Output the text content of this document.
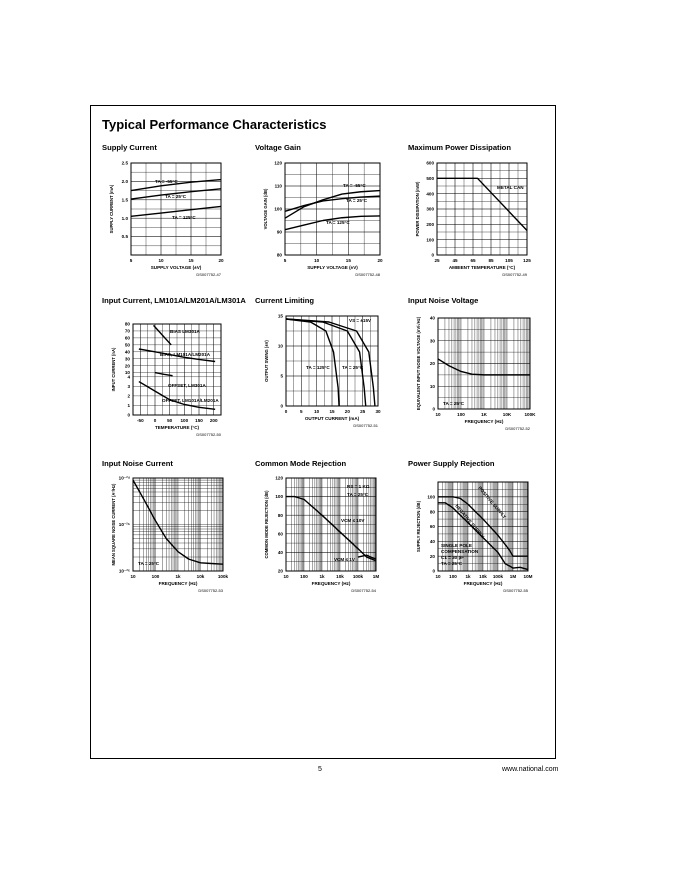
Typical Performance Characteristics
Supply Current	Voltage Gain	Maximum Power Dissipation
Input Current, LM101A/LM201A/LM301A	Current Limiting	Input Noise Voltage
Input Noise Current	Common Mode Rejection	Power Supply Rejection
5	10	15	20
0.5
1.0
1.5
2.0
2.5
SUPPLY VOLTAGE (±V)
SUPPLY CURRENT (mA)
DS007752-47
5	10	15	20
80
90
100
110
120
SUPPLY VOLTAGE (±V)
VOLTAGE GAIN (dB)
DS007752-48
25	45	65	85	105 125
0
100
200
300
400
500
600
AMBIENT TEMPERATURE (°C)
POWER DISSIPATION (mW)
DS007752-49
-50 0 50 100 150 200
0
1
2
3
4
10
20
30
40
50
60
70
80
TEMPERATURE (°C)
INPUT CURRENT (nA)
DS007752-50
0	5 10 15 20 25 30
0
5
10
15
OUTPUT CURRENT (mA)
OUTPUT SWING (±V)
DS007752-51
10	100	1K	10K	100K
0
10
20
30
40
FREQUENCY (Hz)
EQUIVALENT INPUT NOISE VOLTAGE (nV/√Hz)
DS007752-52
10	100	1k	10k	100k
10⁻²⁶
10⁻²⁵
10⁻²⁴
FREQUENCY (Hz)
MEAN SQUARE NOISE CURRENT (A²/Hz)
DS007752-53
10	100	1k	10k 100k 1M
20
40
60
80
100
120
FREQUENCY (Hz)
COMMON MODE REJECTION (dB)
DS007752-54
10 100 1k 10k 100k 1M 10M
0
20
40
60
80
100
FREQUENCY (Hz)
SUPPLY REJECTION (dB)
DS007752-55
TA = -55°C
TA = 25°C
TA = 125°C
TA = -55°C
TA = 25°C
TA = 125°C
METAL CAN
BIAS LM301A
BIAS, LM101A/LM201A
OFFSET, LM301A
OFFSET, LM101A/LM201A
VS = ±15V
TA = 125°C	TA = 25°C
TA = 25°C
TA = 25°C
RS = 1 KΩ
TA = 25°C
VCM ≤ 10V
VCM ≤ 1V
POSITIVE SUPPLY
NEGATIVE SUPPLY
SINGLE POLE
COMPENSATION
C1 = 30 pF
TA = 25°C
5	www.national.com
